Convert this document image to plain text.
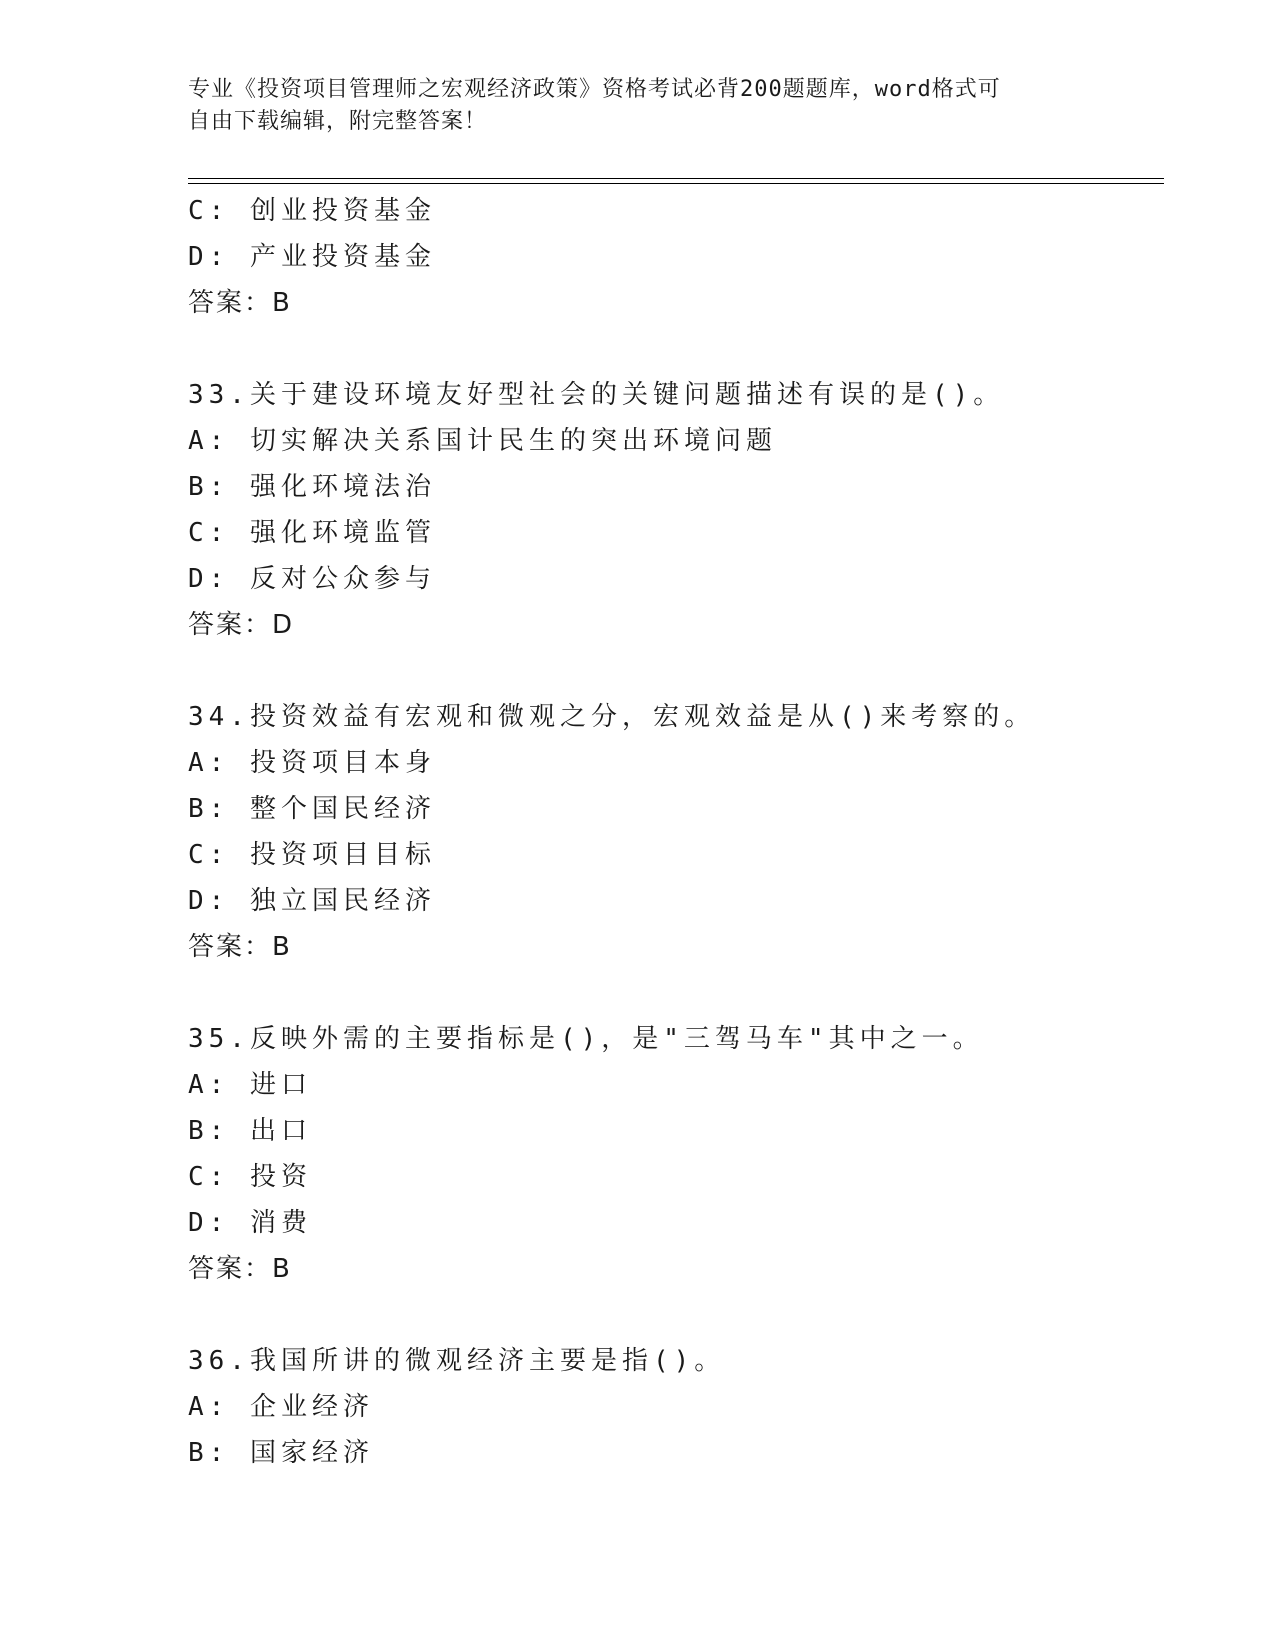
专业《投资项目管理师之宏观经济政策》资格考试必背200题题库，word格式可
自由下载编辑，附完整答案！
C: 创业投资基金
D: 产业投资基金
答案：B
33.关于建设环境友好型社会的关键问题描述有误的是()。
A: 切实解决关系国计民生的突出环境问题
B: 强化环境法治
C: 强化环境监管
D: 反对公众参与
答案：D
34.投资效益有宏观和微观之分，宏观效益是从()来考察的。
A: 投资项目本身
B: 整个国民经济
C: 投资项目目标
D: 独立国民经济
答案：B
35.反映外需的主要指标是()，是"三驾马车"其中之一。
A: 进口
B: 出口
C: 投资
D: 消费
答案：B
36.我国所讲的微观经济主要是指()。
A: 企业经济
B: 国家经济
